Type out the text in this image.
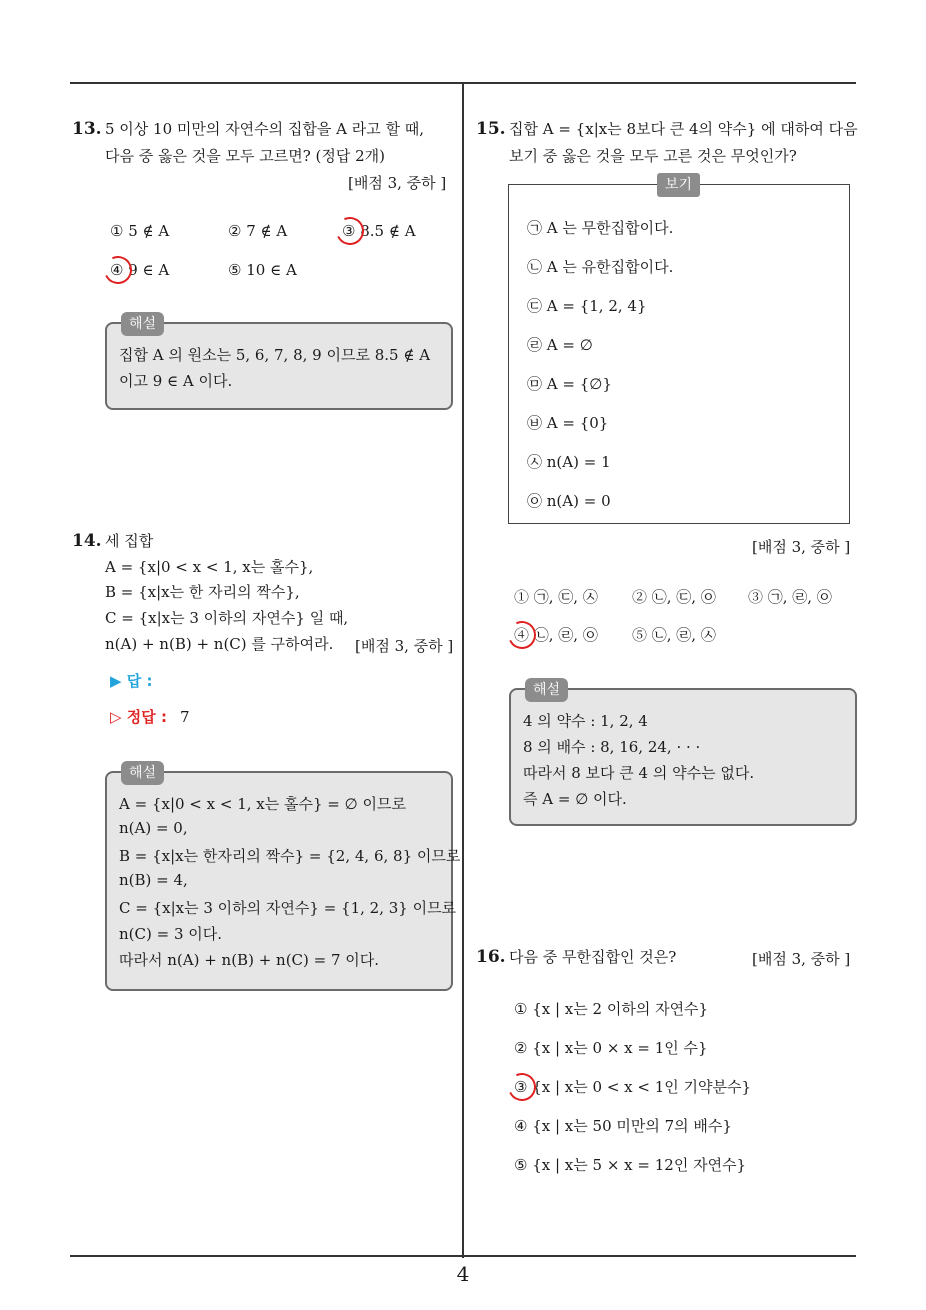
13. 5 이상 10 미만의 자연수의 집합을 A 라고 할 때,
다음 중 옳은 것을 모두 고르면? (정답 2개)
[배점 3, 중하 ]
① 5 ∉ A	② 7 ∉ A	③ 8.5 ∉ A
④ 9 ∈ A	⑤ 10 ∈ A
해설
집합 A 의 원소는 5, 6, 7, 8, 9 이므로 8.5 ∉ A
이고 9 ∈ A 이다.
14. 세 집합
A = {x|0 < x < 1, x는 홀수},
B = {x|x는 한 자리의 짝수},
C = {x|x는 3 이하의 자연수} 일 때,
n(A) + n(B) + n(C) 를 구하여라. [배점 3, 중하 ]
▶ 답 :
▷ 정답 : 7
해설
A = {x|0 < x < 1, x는 홀수} = ∅ 이므로
n(A) = 0,
B = {x|x는 한자리의 짝수} = {2, 4, 6, 8} 이므로
n(B) = 4,
C = {x|x는 3 이하의 자연수} = {1, 2, 3} 이므로
n(C) = 3 이다.
따라서 n(A) + n(B) + n(C) = 7 이다.
15. 집합 A = {x|x는 8보다 큰 4의 약수} 에 대하여 다음
보기 중 옳은 것을 모두 고른 것은 무엇인가?
보기
㉠ A 는 무한집합이다.
㉡ A 는 유한집합이다.
㉢ A = {1, 2, 4}
㉣ A = ∅
㉤ A = {∅}
㉥ A = {0}
㉦ n(A) = 1
㉧ n(A) = 0
[배점 3, 중하 ]
① ㉠, ㉢, ㉦ ② ㉡, ㉢, ㉧ ③ ㉠, ㉣, ㉧
④ ㉡, ㉣, ㉧ ⑤ ㉡, ㉣, ㉦
해설
4 의 약수 : 1, 2, 4
8 의 배수 : 8, 16, 24, · · ·
따라서 8 보다 큰 4 의 약수는 없다.
즉 A = ∅ 이다.
16. 다음 중 무한집합인 것은?	[배점 3, 중하 ]
① {x | x는 2 이하의 자연수}
② {x | x는 0 × x = 1인 수}
③ {x | x는 0 < x < 1인 기약분수}
④ {x | x는 50 미만의 7의 배수}
⑤ {x | x는 5 × x = 12인 자연수}
4
